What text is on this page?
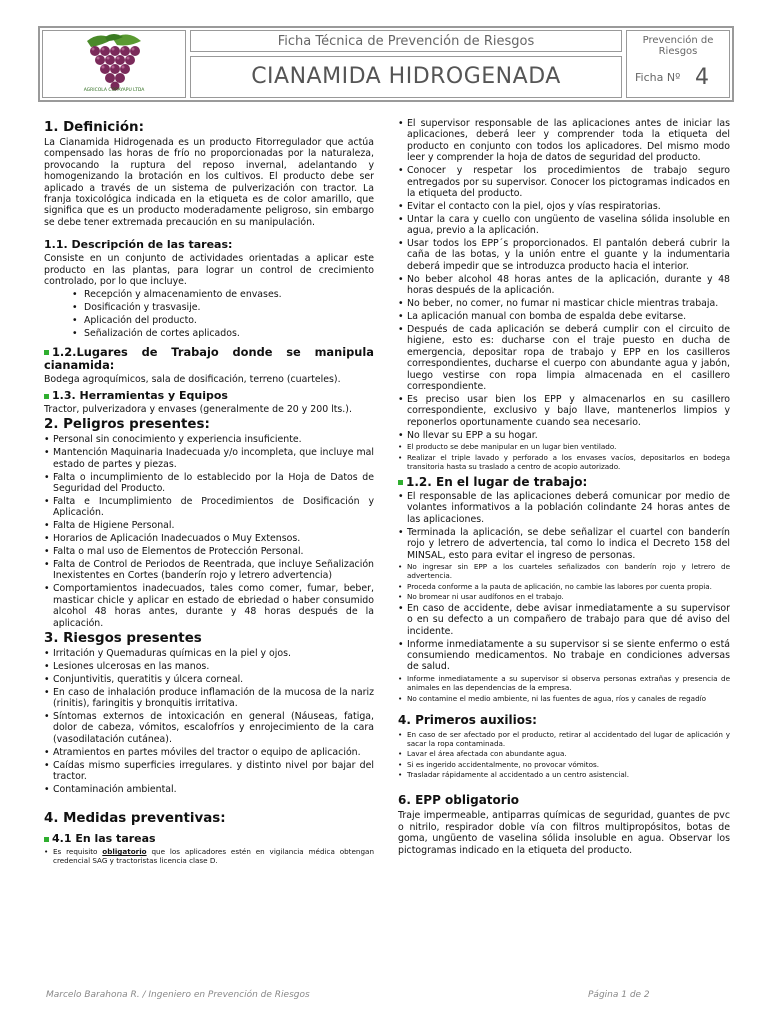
AGRICOLA COPAYAPU LTDA
Ficha Técnica de Prevención de Riesgos
CIANAMIDA HIDROGENADA
Prevención de Riesgos
Ficha Nº 4
1. Definición:

La Cianamida Hidrogenada es un producto Fitorregulador que actúa compensado las horas de frío no proporcionadas por la naturaleza, provocando la ruptura del reposo invernal, adelantando y homogenizando la brotación en los cultivos. El producto debe ser aplicado a través de un sistema de pulverización con tractor. La franja toxicológica indicada en la etiqueta es de color amarillo, que significa que es un producto moderadamente peligroso, sin embargo se debe tener extremada precaución en su manipulación.

1.1. Descripción de las tareas:

Consiste en un conjunto de actividades orientadas a aplicar este producto en las plantas, para lograr un control de crecimiento controlado, por lo que incluye.

• Recepción y almacenamiento de envases.
• Dosificación y trasvasije.
• Aplicación del producto.
• Señalización de cortes aplicados.
1.2.Lugares de Trabajo donde se manipula cianamida:

Bodega agroquímicos, sala de dosificación, terreno (cuarteles).

1.3. Herramientas y Equipos

Tractor, pulverizadora y envases (generalmente de 20 y 200 lts.).

2. Peligros presentes:
• Personal sin conocimiento y experiencia insuficiente.
• Mantención Maquinaria Inadecuada y/o incompleta, que incluye mal estado de partes y piezas.
• Falta o incumplimiento de lo establecido por la Hoja de Datos de Seguridad del Producto.
• Falta e Incumplimiento de Procedimientos de Dosificación y Aplicación.
• Falta de Higiene Personal.
• Horarios de Aplicación Inadecuados o Muy Extensos.
• Falta o mal uso de Elementos de Protección Personal.
• Falta de Control de Periodos de Reentrada, que incluye Señalización Inexistentes en Cortes (banderín rojo y letrero advertencia)
• Comportamientos inadecuados, tales como comer, fumar, beber, masticar chicle y aplicar en estado de ebriedad o haber consumido alcohol 48 horas antes, durante y 48 horas después de la aplicación.
3. Riesgos presentes
• Irritación y Quemaduras químicas en la piel y ojos.
• Lesiones ulcerosas en las manos.
• Conjuntivitis, queratitis y úlcera corneal.
• En caso de inhalación produce inflamación de la mucosa de la nariz (rinitis), faringitis y bronquitis irritativa.
• Síntomas externos de intoxicación en general (Náuseas, fatiga, dolor de cabeza, vómitos, escalofríos y enrojecimiento de la cara (vasodilatación cutánea).
• Atramientos en partes móviles del tractor o equipo de aplicación.
• Caídas mismo superficies irregulares. y distinto nivel por bajar del tractor.
• Contaminación ambiental.
4. Medidas preventivas:
4.1 En las tareas
• Es requisito obligatorio que los aplicadores estén en vigilancia médica obtengan credencial SAG y tractoristas licencia clase D.
• El supervisor responsable de las aplicaciones antes de iniciar las aplicaciones, deberá leer y comprender toda la etiqueta del producto en conjunto con todos los aplicadores. Del mismo modo leer y comprender la hoja de datos de seguridad del producto.
• Conocer y respetar los procedimientos de trabajo seguro entregados por su supervisor. Conocer los pictogramas indicados en la etiqueta del producto.
• Evitar el contacto con la piel, ojos y vías respiratorias.
• Untar la cara y cuello con ungüento de vaselina sólida insoluble en agua, previo a la aplicación.
• Usar todos los EPP´s proporcionados. El pantalón deberá cubrir la caña de las botas, y la unión entre el guante y la indumentaria deberá impedir que se introduzca producto hacia el interior.
• No beber alcohol 48 horas antes de la aplicación, durante y 48 horas después de la aplicación.
• No beber, no comer, no fumar ni masticar chicle mientras trabaja.
• La aplicación manual con bomba de espalda debe evitarse.
• Después de cada aplicación se deberá cumplir con el circuito de higiene, esto es: ducharse con el traje puesto en ducha de emergencia, depositar ropa de trabajo y EPP en los casilleros correspondientes, ducharse el cuerpo con abundante agua y jabón, luego vestirse con ropa limpia almacenada en el casillero correspondiente.
• Es preciso usar bien los EPP y almacenarlos en su casillero correspondiente, exclusivo y bajo llave, mantenerlos limpios y reponerlos oportunamente cuando sea necesario.
• No llevar su EPP a su hogar.
• El producto se debe manipular en un lugar bien ventilado.
• Realizar el triple lavado y perforado a los envases vacíos, depositarlos en bodega transitoria hasta su traslado a centro de acopio autorizado.
1.2. En el lugar de trabajo:
• El responsable de las aplicaciones deberá comunicar por medio de volantes informativos a la población colindante 24 horas antes de las aplicaciones.
• Terminada la aplicación, se debe señalizar el cuartel con banderín rojo y letrero de advertencia, tal como lo indica el Decreto 158 del MINSAL, esto para evitar el ingreso de personas.
• No ingresar sin EPP a los cuarteles señalizados con banderín rojo y letrero de advertencia.
• Proceda conforme a la pauta de aplicación, no cambie las labores por cuenta propia.
• No bromear ni usar audífonos en el trabajo.
• En caso de accidente, debe avisar inmediatamente a su supervisor o en su defecto a un compañero de trabajo para que dé aviso del incidente.
• Informe inmediatamente a su supervisor si se siente enfermo o está consumiendo medicamentos. No trabaje en condiciones adversas de salud.
• Informe inmediatamente a su supervisor si observa personas extrañas y presencia de animales en las dependencias de la empresa.
• No contamine el medio ambiente, ni las fuentes de agua, ríos y canales de regadío
4. Primeros auxilios:
• En caso de ser afectado por el producto, retirar al accidentado del lugar de aplicación y sacar la ropa contaminada.
• Lavar el área afectada con abundante agua.
• Si es ingerido accidentalmente, no provocar vómitos.
• Trasladar rápidamente al accidentado a un centro asistencial.
6. EPP obligatorio

Traje impermeable, antiparras químicas de seguridad, guantes de pvc o nitrilo, respirador doble vía con filtros multipropósitos, botas de goma, ungüento de vaselina sólida insoluble en agua. Observar los pictogramas indicado en la etiqueta del producto.

Marcelo Barahona R. / Ingeniero en Prevención de Riesgos	Página 1 de 2
